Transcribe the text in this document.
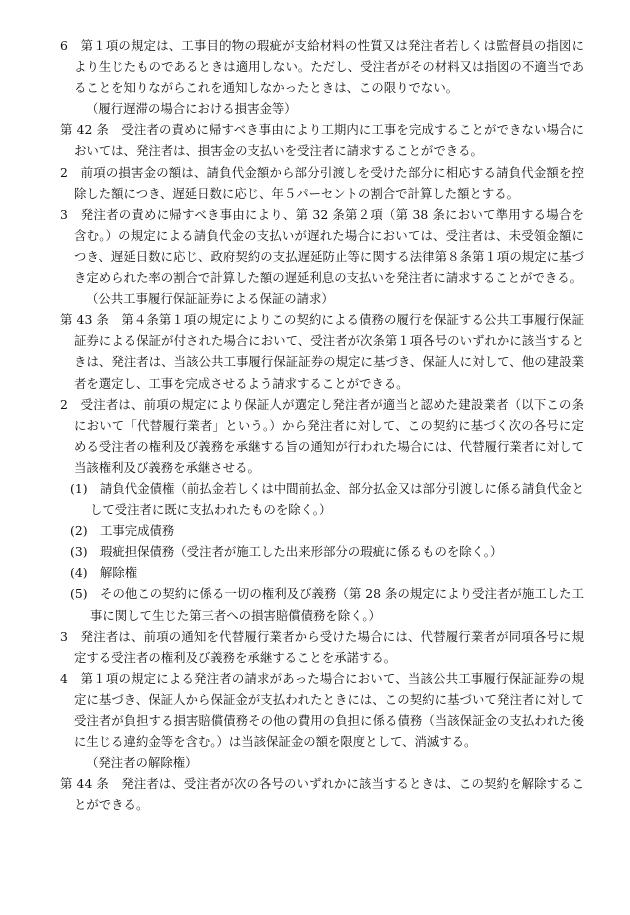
6　第１項の規定は、工事目的物の瑕疵が支給材料の性質又は発注者若しくは監督員の指図により生じたものであるときは適用しない。ただし、受注者がその材料又は指図の不適当であることを知りながらこれを通知しなかったときは、この限りでない。

（履行遅滞の場合における損害金等）

第 42 条　受注者の責めに帰すべき事由により工期内に工事を完成することができない場合においては、発注者は、損害金の支払いを受注者に請求することができる。

2　前項の損害金の額は、請負代金額から部分引渡しを受けた部分に相応する請負代金額を控除した額につき、遅延日数に応じ、年５パーセントの割合で計算した額とする。

3　発注者の責めに帰すべき事由により、第 32 条第２項（第 38 条において準用する場合を含む。）の規定による請負代金の支払いが遅れた場合においては、受注者は、未受領金額につき、遅延日数に応じ、政府契約の支払遅延防止等に関する法律第８条第１項の規定に基づき定められた率の割合で計算した額の遅延利息の支払いを発注者に請求することができる。

（公共工事履行保証証券による保証の請求）

第 43 条　第４条第１項の規定によりこの契約による債務の履行を保証する公共工事履行保証証券による保証が付された場合において、受注者が次条第１項各号のいずれかに該当するときは、発注者は、当該公共工事履行保証証券の規定に基づき、保証人に対して、他の建設業者を選定し、工事を完成させるよう請求することができる。

2　受注者は、前項の規定により保証人が選定し発注者が適当と認めた建設業者（以下この条において「代替履行業者」という。）から発注者に対して、この契約に基づく次の各号に定める受注者の権利及び義務を承継する旨の通知が行われた場合には、代替履行業者に対して当該権利及び義務を承継させる。

(1)　請負代金債権（前払金若しくは中間前払金、部分払金又は部分引渡しに係る請負代金として受注者に既に支払われたものを除く。）

(2)　工事完成債務

(3)　瑕疵担保債務（受注者が施工した出来形部分の瑕疵に係るものを除く。）

(4)　解除権

(5)　その他この契約に係る一切の権利及び義務（第 28 条の規定により受注者が施工した工事に関して生じた第三者への損害賠償債務を除く。）

3　発注者は、前項の通知を代替履行業者から受けた場合には、代替履行業者が同項各号に規定する受注者の権利及び義務を承継することを承諾する。

4　第１項の規定による発注者の請求があった場合において、当該公共工事履行保証証券の規定に基づき、保証人から保証金が支払われたときには、この契約に基づいて発注者に対して受注者が負担する損害賠償債務その他の費用の負担に係る債務（当該保証金の支払われた後に生じる違約金等を含む。）は当該保証金の額を限度として、消滅する。

（発注者の解除権）

第 44 条　発注者は、受注者が次の各号のいずれかに該当するときは、この契約を解除することができる。
